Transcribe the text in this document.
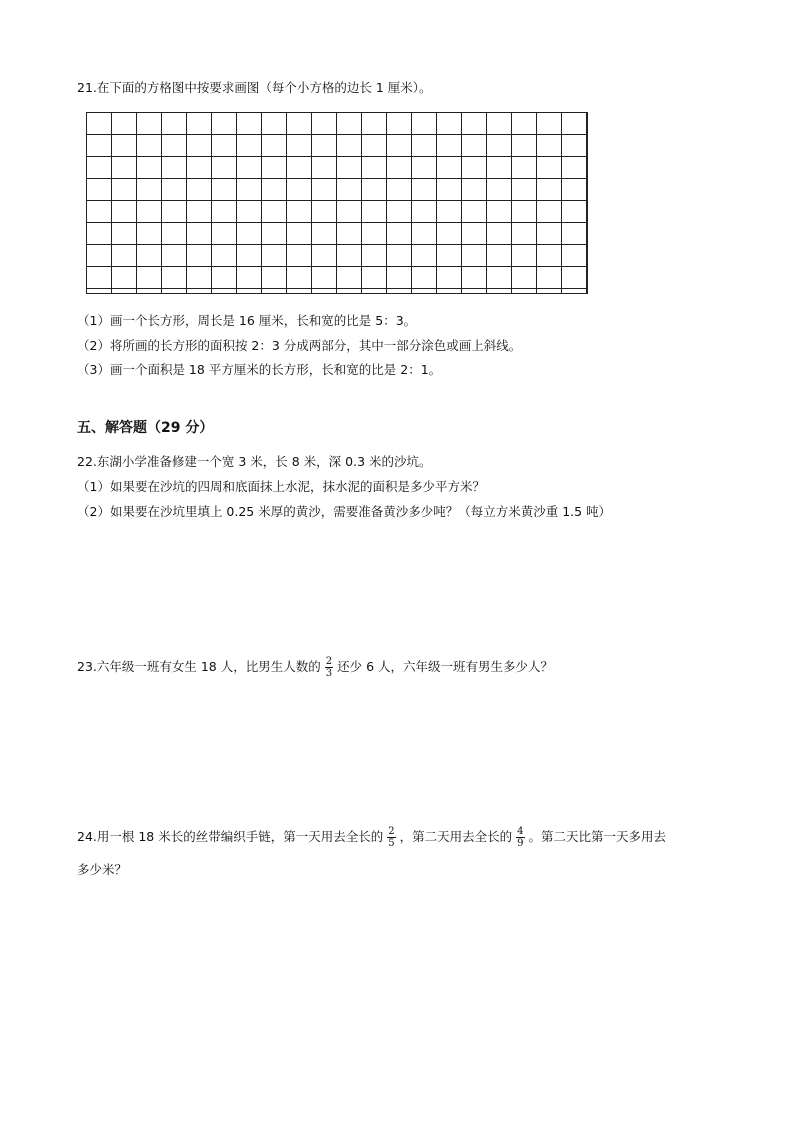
21.在下面的方格图中按要求画图（每个小方格的边长 1 厘米）。
（1）画一个长方形，周长是 16 厘米，长和宽的比是 5：3。
（2）将所画的长方形的面积按 2：3 分成两部分，其中一部分涂色或画上斜线。
（3）画一个面积是 18 平方厘米的长方形，长和宽的比是 2：1。
五、解答题（29 分）
22.东湖小学准备修建一个宽 3 米，长 8 米，深 0.3 米的沙坑。
（1）如果要在沙坑的四周和底面抹上水泥，抹水泥的面积是多少平方米？
（2）如果要在沙坑里填上 0.25 米厚的黄沙，需要准备黄沙多少吨？（每立方米黄沙重 1.5 吨）
23.六年级一班有女生 18 人，比男生人数的 $\frac{2}{3}$ 还少 6 人，六年级一班有男生多少人？
24.用一根 18 米长的丝带编织手链，第一天用去全长的 $\frac{2}{5}$ ，第二天用去全长的 $\frac{4}{9}$ 。第二天比第一天多用去
多少米？
